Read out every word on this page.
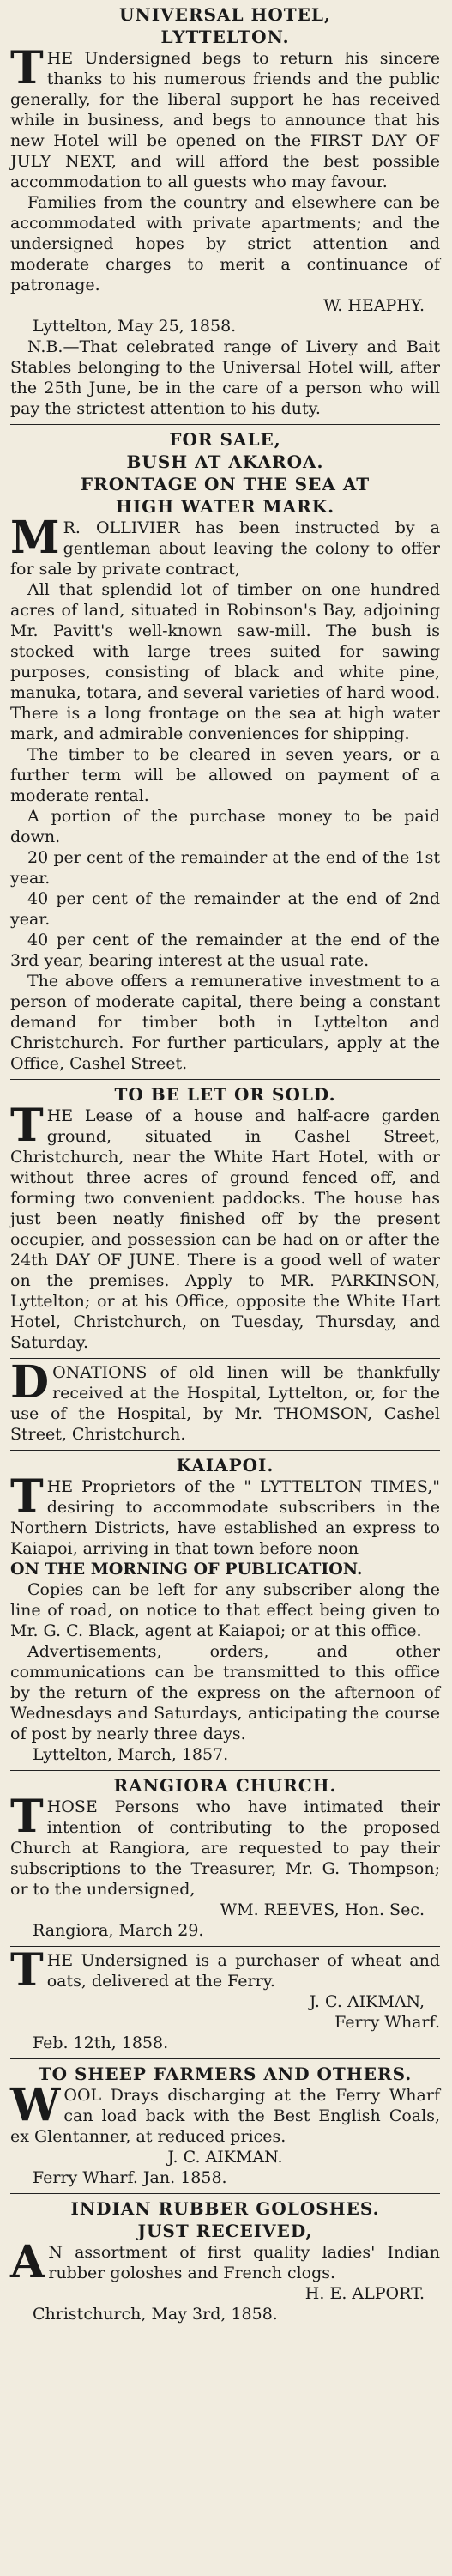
UNIVERSAL HOTEL,
LYTTELTON.
THE Undersigned begs to return his sincere thanks to his numerous friends and the public generally, for the liberal support he has received while in business, and begs to announce that his new Hotel will be opened on the FIRST DAY OF JULY NEXT, and will afford the best possible accommodation to all guests who may favour.
Families from the country and elsewhere can be accommodated with private apartments; and the undersigned hopes by strict attention and moderate charges to merit a continuance of patronage.
W. HEAPHY.
Lyttelton, May 25, 1858.
N.B.—That celebrated range of Livery and Bait Stables belonging to the Universal Hotel will, after the 25th June, be in the care of a person who will pay the strictest attention to his duty.
FOR SALE,
BUSH AT AKAROA.
FRONTAGE ON THE SEA AT
HIGH WATER MARK.
M R. OLLIVIER has been instructed by a gentleman about leaving the colony to offer for sale by private contract,
All that splendid lot of timber on one hundred acres of land, situated in Robinson's Bay, adjoining Mr. Pavitt's well-known saw-mill. The bush is stocked with large trees suited for sawing purposes, consisting of black and white pine, manuka, totara, and several varieties of hard wood. There is a long frontage on the sea at high water mark, and admirable conveniences for shipping.
The timber to be cleared in seven years, or a further term will be allowed on payment of a moderate rental.
A portion of the purchase money to be paid down.
20 per cent of the remainder at the end of the 1st year.
40 per cent of the remainder at the end of 2nd year.
40 per cent of the remainder at the end of the 3rd year, bearing interest at the usual rate.
The above offers a remunerative investment to a person of moderate capital, there being a constant demand for timber both in Lyttelton and Christchurch. For further particulars, apply at the Office, Cashel Street.
TO BE LET OR SOLD.
THE Lease of a house and half-acre garden ground, situated in Cashel Street, Christchurch, near the White Hart Hotel, with or without three acres of ground fenced off, and forming two convenient paddocks. The house has just been neatly finished off by the present occupier, and possession can be had on or after the 24th DAY OF JUNE. There is a good well of water on the premises. Apply to MR. PARKINSON, Lyttelton; or at his Office, opposite the White Hart Hotel, Christchurch, on Tuesday, Thursday, and Saturday.
DONATIONS of old linen will be thankfully received at the Hospital, Lyttelton, or, for the use of the Hospital, by Mr. THOMSON, Cashel Street, Christchurch.
KAIAPOI.
THE Proprietors of the " LYTTELTON TIMES," desiring to accommodate subscribers in the Northern Districts, have established an express to Kaiapoi, arriving in that town before noon
ON THE MORNING OF PUBLICATION.
Copies can be left for any subscriber along the line of road, on notice to that effect being given to Mr. G. C. Black, agent at Kaiapoi; or at this office.
Advertisements, orders, and other communications can be transmitted to this office by the return of the express on the afternoon of Wednesdays and Saturdays, anticipating the course of post by nearly three days.
Lyttelton, March, 1857.
RANGIORA CHURCH.
THOSE Persons who have intimated their intention of contributing to the proposed Church at Rangiora, are requested to pay their subscriptions to the Treasurer, Mr. G. Thompson; or to the undersigned,
WM. REEVES, Hon. Sec.
Rangiora, March 29.
THE Undersigned is a purchaser of wheat and oats, delivered at the Ferry.
J. C. AIKMAN,
Ferry Wharf.
Feb. 12th, 1858.
TO SHEEP FARMERS AND OTHERS.
WOOL Drays discharging at the Ferry Wharf can load back with the Best English Coals, ex Glentanner, at reduced prices.
J. C. AIKMAN.
Ferry Wharf. Jan. 1858.
INDIAN RUBBER GOLOSHES.
JUST RECEIVED,
A N assortment of first quality ladies' Indian rubber goloshes and French clogs.
H. E. ALPORT.
Christchurch, May 3rd, 1858.
